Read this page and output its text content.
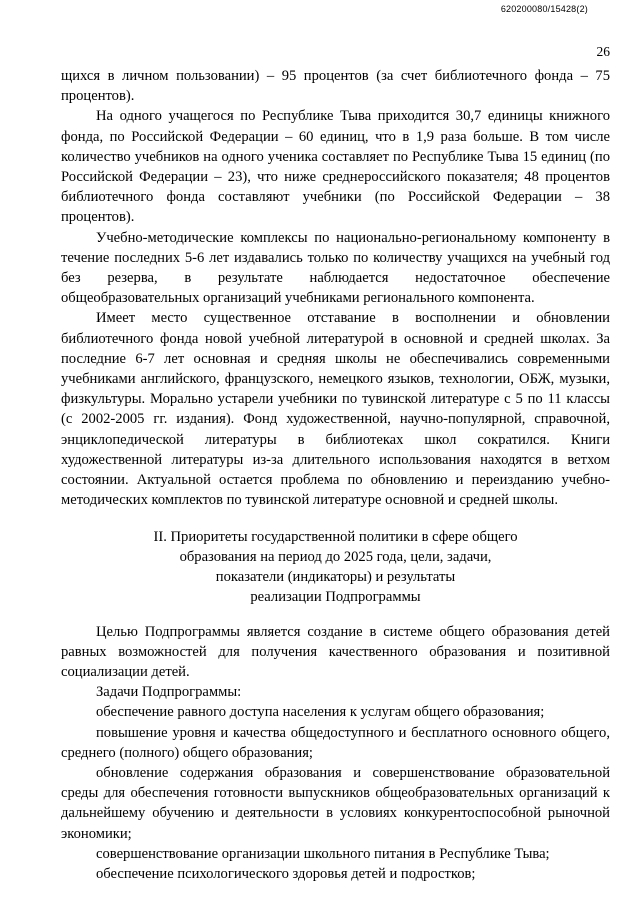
620200080/15428(2)
26

щихся в личном пользовании) – 95 процентов (за счет библиотечного фонда – 75 процентов).

На одного учащегося по Республике Тыва приходится 30,7 единицы книжного фонда, по Российской Федерации – 60 единиц, что в 1,9 раза больше. В том числе количество учебников на одного ученика составляет по Республике Тыва 15 единиц (по Российской Федерации – 23), что ниже среднероссийского показателя; 48 процентов библиотечного фонда составляют учебники (по Российской Федерации – 38 процентов).

Учебно-методические комплексы по национально-региональному компоненту в течение последних 5-6 лет издавались только по количеству учащихся на учебный год без резерва, в результате наблюдается недостаточное обеспечение общеобразовательных организаций учебниками регионального компонента.

Имеет место существенное отставание в восполнении и обновлении библиотечного фонда новой учебной литературой в основной и средней школах. За последние 6-7 лет основная и средняя школы не обеспечивались современными учебниками английского, французского, немецкого языков, технологии, ОБЖ, музыки, физкультуры. Морально устарели учебники по тувинской литературе с 5 по 11 классы (с 2002-2005 гг. издания). Фонд художественной, научно-популярной, справочной, энциклопедической литературы в библиотеках школ сократился. Книги художественной литературы из-за длительного использования находятся в ветхом состоянии. Актуальной остается проблема по обновлению и переизданию учебно-методических комплектов по тувинской литературе основной и средней школы.

II. Приоритеты государственной политики в сфере общего
образования на период до 2025 года, цели, задачи,
показатели (индикаторы) и результаты
реализации Подпрограммы

Целью Подпрограммы является создание в системе общего образования детей равных возможностей для получения качественного образования и позитивной социализации детей.

Задачи Подпрограммы:

обеспечение равного доступа населения к услугам общего образования;

повышение уровня и качества общедоступного и бесплатного основного общего, среднего (полного) общего образования;

обновление содержания образования и совершенствование образовательной среды для обеспечения готовности выпускников общеобразовательных организаций к дальнейшему обучению и деятельности в условиях конкурентоспособной рыночной экономики;

совершенствование организации школьного питания в Республике Тыва;

обеспечение психологического здоровья детей и подростков;
